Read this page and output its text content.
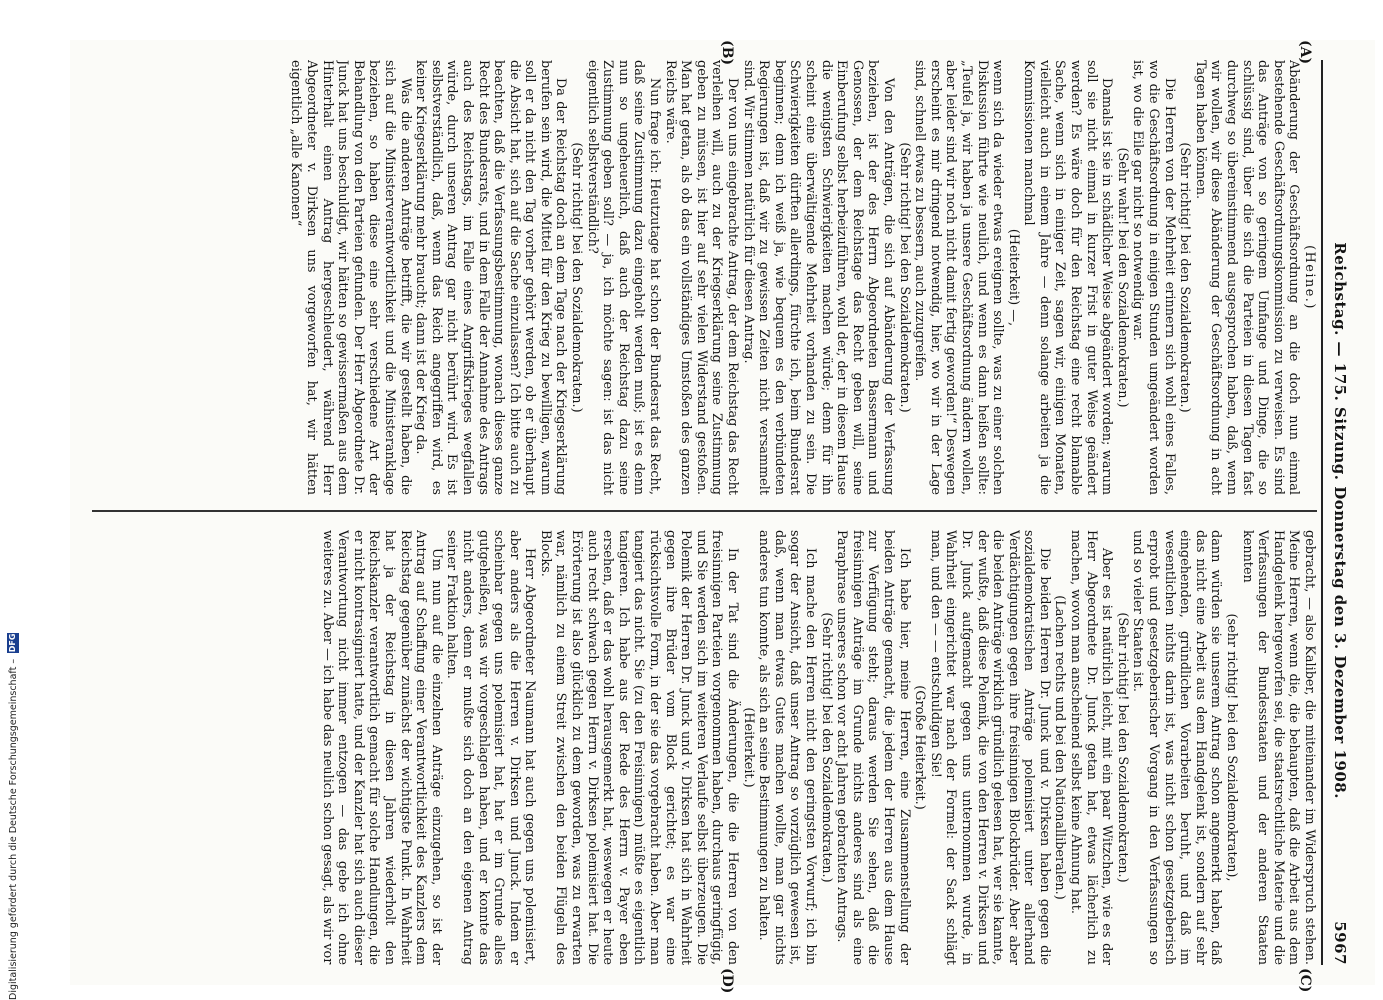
Reichstag. — 175. Sitzung. Donnerstag den 3. Dezember 1908.
5967
(A)
(B)
(C)
(D)

(Heine.)

Abänderung der Geschäftsordnung an die doch nun einmal bestehende Geschäftsordnungskommission zu verweisen. Es sind das Anträge von so geringem Umfange und Dinge, die so schlüssig sind, über die sich die Parteien in diesen Tagen fast durchweg so übereinstimmend ausgesprochen haben, daß, wenn wir wollen, wir diese Abänderung der Geschäftsordnung in acht Tagen haben können.

(Sehr richtig! bei den Sozialdemokraten.)

Die Herren von der Mehrheit erinnern sich wohl eines Falles, wo die Geschäftsordnung in einigen Stunden umgeändert worden ist, wo die Eile gar nicht so notwendig war.

(Sehr wahr! bei den Sozialdemokraten.)

Damals ist sie in schädlicher Weise abgeändert worden; warum soll sie nicht einmal in kurzer Frist in guter Weise geändert werden? Es wäre doch für den Reichstag eine recht blamable Sache, wenn sich in einiger Zeit, sagen wir, einigen Monaten, vielleicht auch in einem Jahre — denn solange arbeiten ja die Kommissionen manchmal

(Heiterkeit) —,

wenn sich da wieder etwas ereignen sollte, was zu einer solchen Diskussion führte wie neulich, und wenn es dann heißen sollte: „Teufel ja, wir haben ja unsere Geschäftsordnung ändern wollen, aber leider sind wir noch nicht damit fertig geworden!“ Deswegen erscheint es mir dringend notwendig, hier, wo wir in der Lage sind, schnell etwas zu bessern, auch zuzugreifen.

(Sehr richtig! bei den Sozialdemokraten.)

Von den Anträgen, die sich auf Abänderung der Verfassung beziehen, ist der des Herrn Abgeordneten Bassermann und Genossen, der dem Reichstage das Recht geben will, seine Einberufung selbst herbeizuführen, wohl der, der in diesem Hause die wenigsten Schwierigkeiten machen würde; denn für ihn scheint eine überwältigende Mehrheit vorhanden zu sein. Die Schwierigkeiten dürften allerdings, fürchte ich, beim Bundesrat beginnen; denn ich weiß ja, wie bequem es den verbündeten Regierungen ist, daß wir zu gewissen Zeiten nicht versammelt sind. Wir stimmen natürlich für diesen Antrag.

Der von uns eingebrachte Antrag, der dem Reichstag das Recht verleihen will, auch zu der Kriegserklärung seine Zustimmung geben zu müssen, ist hier auf sehr vielen Widerstand gestoßen. Man hat getan, als ob das ein vollständiges Umstoßen des ganzen Reichs wäre.

Nun frage ich: Heutzutage hat schon der Bundesrat das Recht, daß seine Zustimmung dazu eingeholt werden muß; ist es denn nun so ungeheuerlich, daß auch der Reichstag dazu seine Zustimmung geben soll? — ja, ich möchte sagen: ist das nicht eigentlich selbstverständlich?

(Sehr richtig! bei den Sozialdemokraten.)

Da der Reichstag doch an dem Tage nach der Kriegserklärung berufen sein wird, die Mittel für den Krieg zu bewilligen, warum soll er da nicht den Tag vorher gehört werden, ob er überhaupt die Absicht hat, sich auf die Sache einzulassen? Ich bitte auch zu beachten, daß die Verfassungsbestimmung, wonach dieses ganze Recht des Bundesrats, und in dem Falle der Annahme des Antrags auch des Reichstags, im Falle eines Angriffskrieges wegfallen würde, durch unseren Antrag gar nicht berührt wird. Es ist selbstverständlich, daß, wenn das Reich angegriffen wird, es keiner Kriegserklärung mehr braucht; dann ist der Krieg da.

Was die anderen Anträge betrifft, die wir gestellt haben, die sich auf die Ministerverantwortlichkeit und die Ministeranklage beziehen, so haben diese eine sehr verschiedene Art der Behandlung von den Parteien gefunden. Der Herr Abgeordnete Dr. Junck hat uns beschuldigt, wir hätten so gewissermaßen aus dem Hinterhalt einen Antrag hergeschleudert, während Herr Abgeordneter v. Dirksen uns vorgeworfen hat, wir hätten eigentlich „alle Kanonen“

gebracht, — also Kaliber, die miteinander im Widerspruch stehen. Meine Herren, wenn die, die behaupten, daß die Arbeit aus dem Handgelenk hergeworfen sei, die staatsrechtliche Materie und die Verfassungen der Bundesstaaten und der anderen Staaten kennten

(sehr richtig! bei den Sozialdemokraten),

dann würden sie unserem Antrag schon angemerkt haben, daß das nicht eine Arbeit aus dem Handgelenk ist, sondern auf sehr eingehenden, gründlichen Vorarbeiten beruht, und daß im wesentlichen nichts darin ist, was nicht schon gesetzgeberisch erprobt und gesetzgeberischer Vorgang in den Verfassungen so und so vieler Staaten ist.

(Sehr richtig! bei den Sozialdemokraten.)

Aber es ist natürlich leicht, mit ein paar Witzchen, wie es der Herr Abgeordnete Dr. Junck getan hat, etwas lächerlich zu machen, wovon man anscheinend selbst keine Ahnung hat.

(Lachen rechts und bei den Nationalliberalen.)

Die beiden Herren Dr. Junck und v. Dirksen haben gegen die sozialdemokratischen Anträge polemisiert unter allerhand Verdächtigungen gegen ihre freisinnigen Blockbrüder. Aber aber die beiden Anträge wirklich gründlich gelesen hat, wer sie kannte, der wußte, daß diese Polemik, die von den Herren v. Dirksen und Dr. Junck aufgemacht gegen uns unternommen wurde, in Wahrheit eingerichtet war nach der Formel: der Sack schlägt man, und den — — entschuldigen Sie!

(Große Heiterkeit.)

Ich habe hier, meine Herren, eine Zusammenstellung der beiden Anträge gemacht, die jedem der Herren aus dem Hause zur Verfügung steht; daraus werden Sie sehen, daß die freisinnigen Anträge im Grunde nichts anderes sind als eine Paraphrase unseres schon vor acht Jahren gebrachten Antrags.

(Sehr richtig! bei den Sozialdemokraten.)

Ich mache den Herren nicht den geringsten Vorwurf; ich bin sogar der Ansicht, daß unser Antrag so vorzüglich gewesen ist, daß, wenn man etwas Gutes machen wollte, man gar nichts anderes tun konnte, als sich an seine Bestimmungen zu halten.

(Heiterkeit.)

In der Tat sind die Änderungen, die die Herren von den freisinnigen Parteien vorgenommen haben, durchaus geringfügig, und Sie werden sich im weiteren Verlaufe selbst überzeugen. Die Polemik der Herren Dr. Junck und v. Dirksen hat sich in Wahrheit gegen ihre Brüder vom Block gerichtet; es war eine rücksichtsvolle Form, in der sie das vorgebracht haben. Aber man tangiert das nicht. Sie (zu den Freisinnigen) müßte es eigentlich tangieren. Ich habe aus der Rede des Herrn v. Payer eben ersehen, daß er das wohl herausgemerkt hat, weswegen er heute auch recht schwach gegen Herrn v. Dirksen polemisiert hat. Die Erörterung ist also glücklich zu dem geworden, was zu erwarten war, nämlich zu einem Streit zwischen den beiden Flügeln des Blocks.

Herr Abgeordneter Naumann hat auch gegen uns polemisiert, aber anders als die Herren v. Dirksen und Junck. Indem er scheinbar gegen uns polemisiert hat, hat er im Grunde alles gutgeheißen, was wir vorgeschlagen haben, und er konnte das nicht anders, denn er mußte sich doch an den eigenen Antrag seiner Fraktion halten.

Um nun auf die einzelnen Anträge einzugehen, so ist der Antrag auf Schaffung einer Verantwortlichkeit des Kanzlers dem Reichstag gegenüber zunächst der wichtigste Punkt. In Wahrheit hat ja der Reichstag in diesen Jahren wiederholt den Reichskanzler verantwortlich gemacht für solche Handlungen, die er nicht kontrasigniert hatte, und der Kanzler hat sich auch dieser Verantwortung nicht immer entzogen — das gebe ich ohne weiteres zu. Aber — ich habe das neulich schon gesagt, als wir vor

Digitalisierung gefördert durch die Deutsche Forschungsgemeinschaft –
DFG
